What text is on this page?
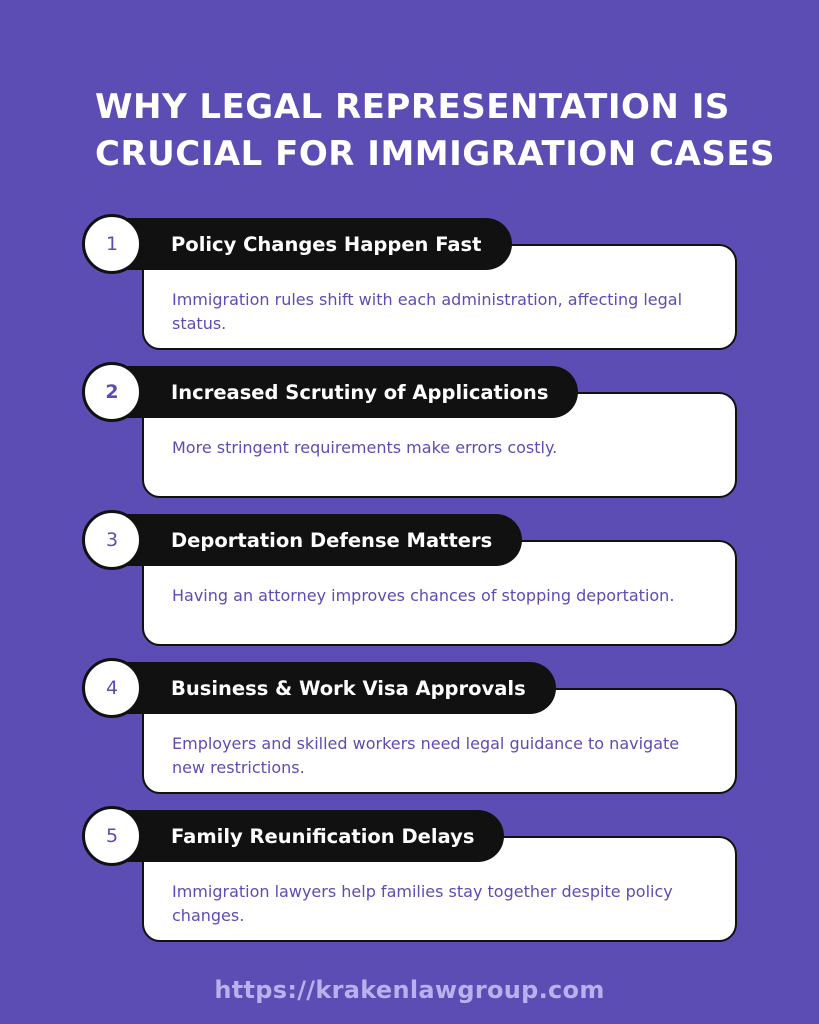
WHY LEGAL REPRESENTATION IS
CRUCIAL FOR IMMIGRATION CASES
Immigration rules shift with each administration, affecting legal status.
Policy Changes Happen Fast
1
More stringent requirements make errors costly.
Increased Scrutiny of Applications
2
Having an attorney improves chances of stopping deportation.
Deportation Defense Matters
3
Employers and skilled workers need legal guidance to navigate new restrictions.
Business & Work Visa Approvals
4
Immigration lawyers help families stay together despite policy changes.
Family Reunification Delays
5
https://krakenlawgroup.com
